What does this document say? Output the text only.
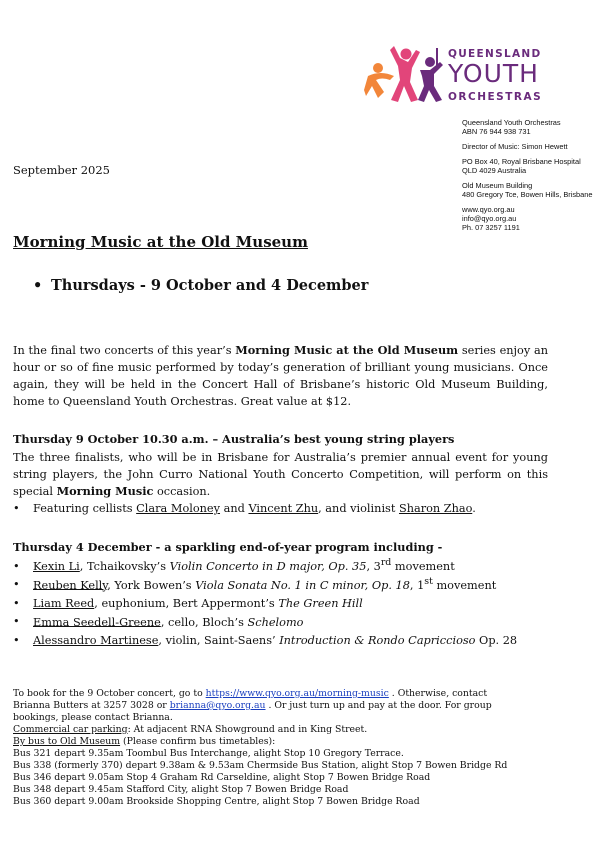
QUEENSLAND
YOUTH
ORCHESTRAS
Queensland Youth Orchestras
ABN 76 944 938 731
Director of Music: Simon Hewett
PO Box 40, Royal Brisbane Hospital
QLD 4029 Australia
Old Museum Building
480 Gregory Tce, Bowen Hills, Brisbane
www.qyo.org.au
info@qyo.org.au
Ph. 07 3257 1191
September 2025
Morning Music at the Old Museum
• Thursdays - 9 October and 4 December
In the final two concerts of this year’s Morning Music at the Old Museum series enjoy an hour or so of fine music performed by today’s generation of brilliant young musicians. Once again, they will be held in the Concert Hall of Brisbane’s historic Old Museum Building, home to Queensland Youth Orchestras. Great value at $12.
Thursday 9 October 10.30 a.m. – Australia’s best young string players
The three finalists, who will be in Brisbane for Australia’s premier annual event for young string players, the John Curro National Youth Concerto Competition, will perform on this special Morning Music occasion.
• Featuring cellists Clara Moloney and Vincent Zhu, and violinist Sharon Zhao.
Thursday 4 December - a sparkling end-of-year program including -
• Kexin Li, Tchaikovsky’s Violin Concerto in D major, Op. 35, 3rd movement
• Reuben Kelly, York Bowen’s Viola Sonata No. 1 in C minor, Op. 18, 1st movement
• Liam Reed, euphonium, Bert Appermont’s The Green Hill
• Emma Seedell-Greene, cello, Bloch’s Schelomo
• Alessandro Martinese, violin, Saint-Saens’ Introduction & Rondo Capriccioso Op. 28
To book for the 9 October concert, go to https://www.qyo.org.au/morning-music . Otherwise, contact
Brianna Butters at 3257 3028 or brianna@qyo.org.au . Or just turn up and pay at the door. For group
bookings, please contact Brianna.
Commercial car parking: At adjacent RNA Showground and in King Street.
By bus to Old Museum (Please confirm bus timetables):
Bus 321 depart 9.35am Toombul Bus Interchange, alight Stop 10 Gregory Terrace.
Bus 338 (formerly 370) depart 9.38am & 9.53am Chermside Bus Station, alight Stop 7 Bowen Bridge Rd
Bus 346 depart 9.05am Stop 4 Graham Rd Carseldine, alight Stop 7 Bowen Bridge Road
Bus 348 depart 9.45am Stafford City, alight Stop 7 Bowen Bridge Road
Bus 360 depart 9.00am Brookside Shopping Centre, alight Stop 7 Bowen Bridge Road
